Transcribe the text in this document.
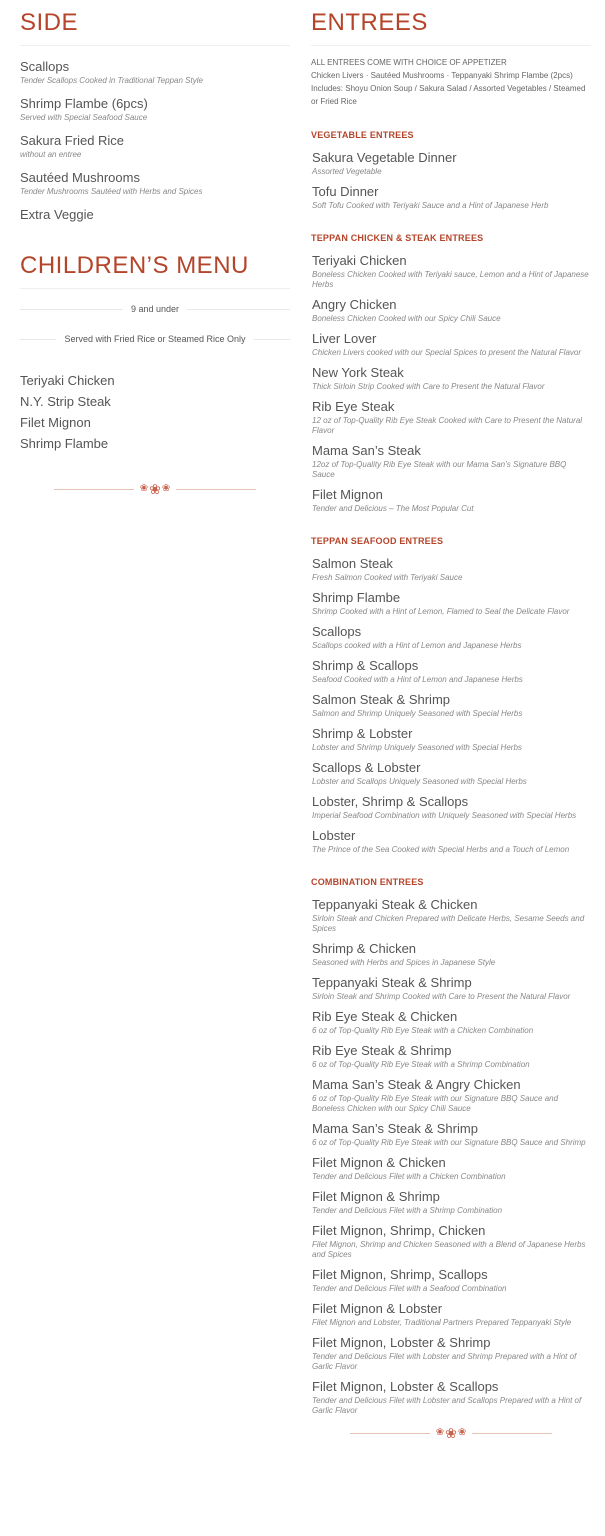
SIDE
Scallops
Tender Scallops Cooked in Traditional Teppan Style
Shrimp Flambe (6pcs)
Served with Special Seafood Sauce
Sakura Fried Rice
without an entree
Sautéed Mushrooms
Tender Mushrooms Sautéed with Herbs and Spices
Extra Veggie
CHILDREN’S MENU
9 and under
Served with Fried Rice or Steamed Rice Only
Teriyaki Chicken
N.Y. Strip Steak
Filet Mignon
Shrimp Flambe
❀ ❀ ❀
ENTREES
ALL ENTREES COME WITH CHOICE OF APPETIZER
Chicken Livers · Sautéed Mushrooms · Teppanyaki Shrimp Flambe (2pcs)
Includes: Shoyu Onion Soup / Sakura Salad / Assorted Vegetables / Steamed or Fried Rice
VEGETABLE ENTREES
Sakura Vegetable Dinner
Assorted Vegetable
Tofu Dinner
Soft Tofu Cooked with Teriyaki Sauce and a Hint of Japanese Herb
TEPPAN CHICKEN & STEAK ENTREES
Teriyaki Chicken
Boneless Chicken Cooked with Teriyaki sauce, Lemon and a Hint of Japanese Herbs
Angry Chicken
Boneless Chicken Cooked with our Spicy Chili Sauce
Liver Lover
Chicken Livers cooked with our Special Spices to present the Natural Flavor
New York Steak
Thick Sirloin Strip Cooked with Care to Present the Natural Flavor
Rib Eye Steak
12 oz of Top-Quality Rib Eye Steak Cooked with Care to Present the Natural Flavor
Mama San’s Steak
12oz of Top-Quality Rib Eye Steak with our Mama San’s Signature BBQ Sauce
Filet Mignon
Tender and Delicious – The Most Popular Cut
TEPPAN SEAFOOD ENTREES
Salmon Steak
Fresh Salmon Cooked with Teriyaki Sauce
Shrimp Flambe
Shrimp Cooked with a Hint of Lemon, Flamed to Seal the Delicate Flavor
Scallops
Scallops cooked with a Hint of Lemon and Japanese Herbs
Shrimp & Scallops
Seafood Cooked with a Hint of Lemon and Japanese Herbs
Salmon Steak & Shrimp
Salmon and Shrimp Uniquely Seasoned with Special Herbs
Shrimp & Lobster
Lobster and Shrimp Uniquely Seasoned with Special Herbs
Scallops & Lobster
Lobster and Scallops Uniquely Seasoned with Special Herbs
Lobster, Shrimp & Scallops
Imperial Seafood Combination with Uniquely Seasoned with Special Herbs
Lobster
The Prince of the Sea Cooked with Special Herbs and a Touch of Lemon
COMBINATION ENTREES
Teppanyaki Steak & Chicken
Sirloin Steak and Chicken Prepared with Delicate Herbs, Sesame Seeds and Spices
Shrimp & Chicken
Seasoned with Herbs and Spices in Japanese Style
Teppanyaki Steak & Shrimp
Sirloin Steak and Shrimp Cooked with Care to Present the Natural Flavor
Rib Eye Steak & Chicken
6 oz of Top-Quality Rib Eye Steak with a Chicken Combination
Rib Eye Steak & Shrimp
6 oz of Top-Quality Rib Eye Steak with a Shrimp Combination
Mama San’s Steak & Angry Chicken
6 oz of Top-Quality Rib Eye Steak with our Signature BBQ Sauce and Boneless Chicken with our Spicy Chili Sauce
Mama San’s Steak & Shrimp
6 oz of Top-Quality Rib Eye Steak with our Signature BBQ Sauce and Shrimp
Filet Mignon & Chicken
Tender and Delicious Filet with a Chicken Combination
Filet Mignon & Shrimp
Tender and Delicious Filet with a Shrimp Combination
Filet Mignon, Shrimp, Chicken
Filet Mignon, Shrimp and Chicken Seasoned with a Blend of Japanese Herbs and Spices
Filet Mignon, Shrimp, Scallops
Tender and Delicious Filet with a Seafood Combination
Filet Mignon & Lobster
Filet Mignon and Lobster, Traditional Partners Prepared Teppanyaki Style
Filet Mignon, Lobster & Shrimp
Tender and Delicious Filet with Lobster and Shrimp Prepared with a Hint of Garlic Flavor
Filet Mignon, Lobster & Scallops
Tender and Delicious Filet with Lobster and Scallops Prepared with a Hint of Garlic Flavor
❀ ❀ ❀
